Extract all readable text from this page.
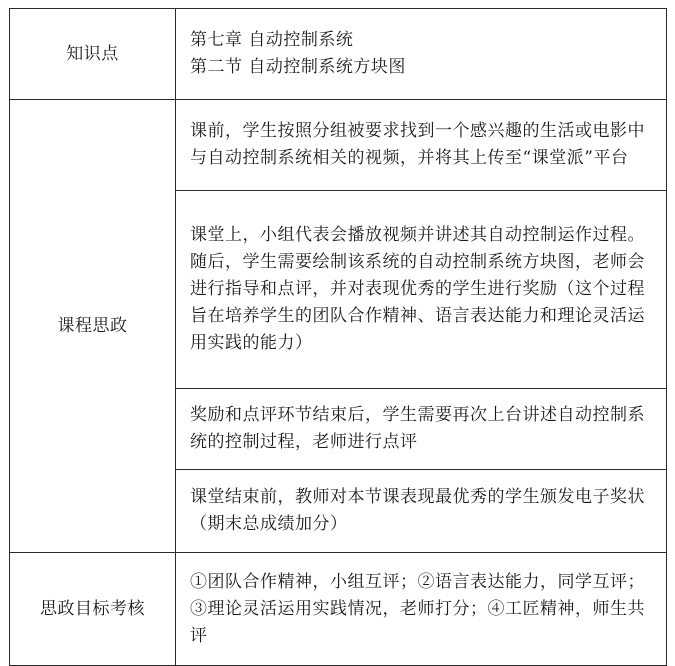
知识点	第七章 自动控制系统
第二节 自动控制系统方块图

课程思政	课前，学生按照分组被要求找到一个感兴趣的生活或电影中与自动控制系统相关的视频，并将其上传至“课堂派”平台
	课堂上，小组代表会播放视频并讲述其自动控制运作过程。随后，学生需要绘制该系统的自动控制系统方块图，老师会进行指导和点评，并对表现优秀的学生进行奖励（这个过程旨在培养学生的团队合作精神、语言表达能力和理论灵活运用实践的能力）
	奖励和点评环节结束后，学生需要再次上台讲述自动控制系统的控制过程，老师进行点评
	课堂结束前，教师对本节课表现最优秀的学生颁发电子奖状（期末总成绩加分）
思政目标考核	①团队合作精神，小组互评；②语言表达能力，同学互评；③理论灵活运用实践情况，老师打分；④工匠精神，师生共评
